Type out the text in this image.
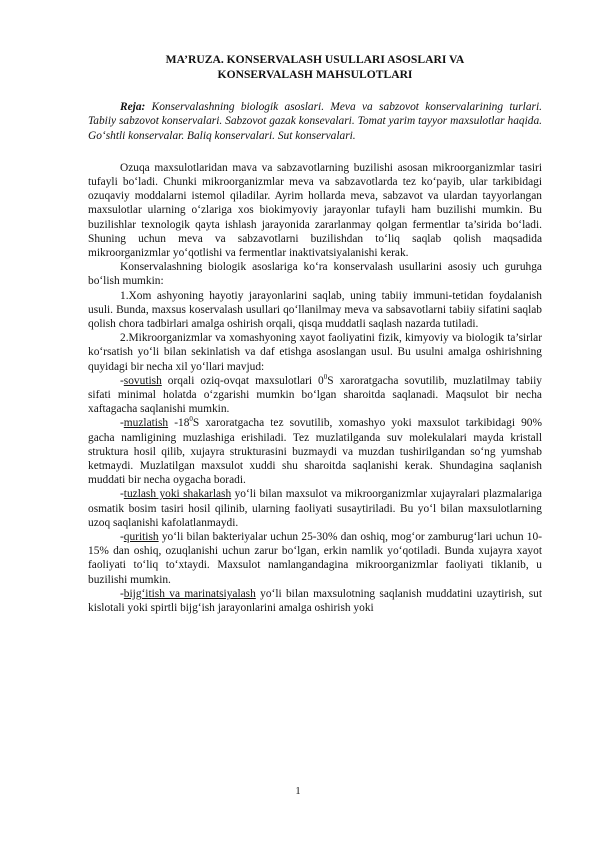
MA’RUZA. KONSERVALASH USULLARI ASOSLARI VA
KONSERVALASH MAHSULOTLARI

Reja: Konservalashning biologik asoslari. Meva va sabzovot konservalarining turlari. Tabiiy sabzovot konservalari. Sabzovot gazak konsevalari. Tomat yarim tayyor maxsulotlar haqida. Go‘shtli konservalar. Baliq konservalari. Sut konservalari.

Ozuqa maxsulotlaridan mava va sabzavotlarning buzilishi asosan mikroorganizmlar tasiri tufayli bo‘ladi. Chunki mikroorganizmlar meva va sabzavotlarda tez ko‘payib, ular tarkibidagi ozuqaviy moddalarni istemol qiladilar. Ayrim hollarda meva, sabzavot va ulardan tayyorlangan maxsulotlar ularning o‘zlariga xos biokimyoviy jarayonlar tufayli ham buzilishi mumkin. Bu buzilishlar texnologik qayta ishlash jarayonida zararlanmay qolgan fermentlar ta’sirida bo‘ladi. Shuning uchun meva va sabzavotlarni buzilishdan to‘liq saqlab qolish maqsadida mikroorganizmlar yo‘qotlishi va fermentlar inaktivatsiyalanishi kerak.

Konservalashning biologik asoslariga ko‘ra konservalash usullarini asosiy uch guruhga bo‘lish mumkin:

1.Xom ashyoning hayotiy jarayonlarini saqlab, uning tabiiy immuni-tetidan foydalanish usuli. Bunda, maxsus koservalash usullari qo‘llanilmay meva va sabsavotlarni tabiiy sifatini saqlab qolish chora tadbirlari amalga oshirish orqali, qisqa muddatli saqlash nazarda tutiladi.

2.Mikroorganizmlar va xomashyoning xayot faoliyatini fizik, kimyoviy va biologik ta’sirlar ko‘rsatish yo‘li bilan sekinlatish va daf etishga asoslangan usul. Bu usulni amalga oshirishning quyidagi bir necha xil yo‘llari mavjud:

-sovutish orqali oziq-ovqat maxsulotlari $0^0S$ xaroratgacha sovutilib, muzlatilmay tabiiy sifati minimal holatda o‘zgarishi mumkin bo‘lgan sharoitda saqlanadi. Maqsulot bir necha xaftagacha saqlanishi mumkin.

-muzlatish $-18^0S$ xaroratgacha tez sovutilib, xomashyo yoki maxsulot tarkibidagi 90% gacha namligining muzlashiga erishiladi. Tez muzlatilganda suv molekulalari mayda kristall struktura hosil qilib, xujayra strukturasini buzmaydi va muzdan tushirilgandan so‘ng yumshab ketmaydi. Muzlatilgan maxsulot xuddi shu sharoitda saqlanishi kerak. Shundagina saqlanish muddati bir necha oygacha boradi.

-tuzlash yoki shakarlash yo‘li bilan maxsulot va mikroorganizmlar xujayralari plazmalariga osmatik bosim tasiri hosil qilinib, ularning faoliyati susaytiriladi. Bu yo‘l bilan maxsulotlarning uzoq saqlanishi kafolatlanmaydi.

-quritish yo‘li bilan bakteriyalar uchun 25-30% dan oshiq, mog‘or zamburug‘lari uchun 10-15% dan oshiq, ozuqlanishi uchun zarur bo‘lgan, erkin namlik yo‘qotiladi. Bunda xujayra xayot faoliyati to‘liq to‘xtaydi. Maxsulot namlangandagina mikroorganizmlar faoliyati tiklanib, u buzilishi mumkin.

-bijg‘itish va marinatsiyalash yo‘li bilan maxsulotning saqlanish muddatini uzaytirish, sut kislotali yoki spirtli bijg‘ish jarayonlarini amalga oshirish yoki

1
